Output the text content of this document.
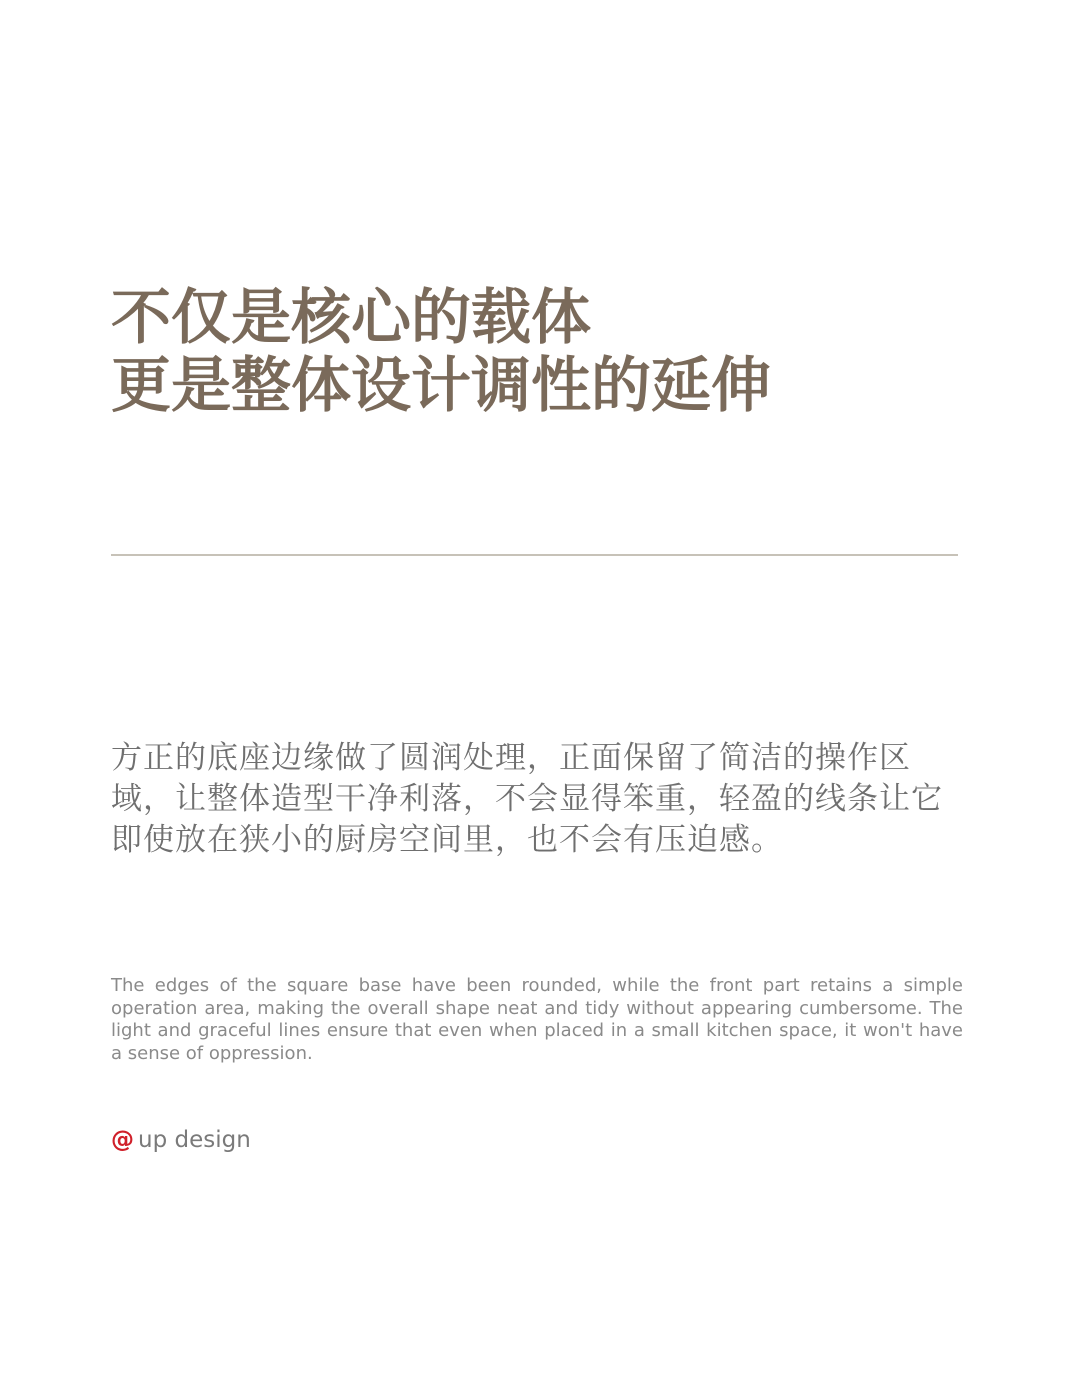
不仅是核心的载体
更是整体设计调性的延伸

方正的底座边缘做了圆润处理，正面保留了简洁的操作区域，让整体造型干净利落，不会显得笨重，轻盈的线条让它即使放在狭小的厨房空间里，也不会有压迫感。

The edges of the square base have been rounded, while the front part retains a simple operation area, making the overall shape neat and tidy without appearing cumbersome. The light and graceful lines ensure that even when placed in a small kitchen space, it won't have a sense of oppression.

@ up design
